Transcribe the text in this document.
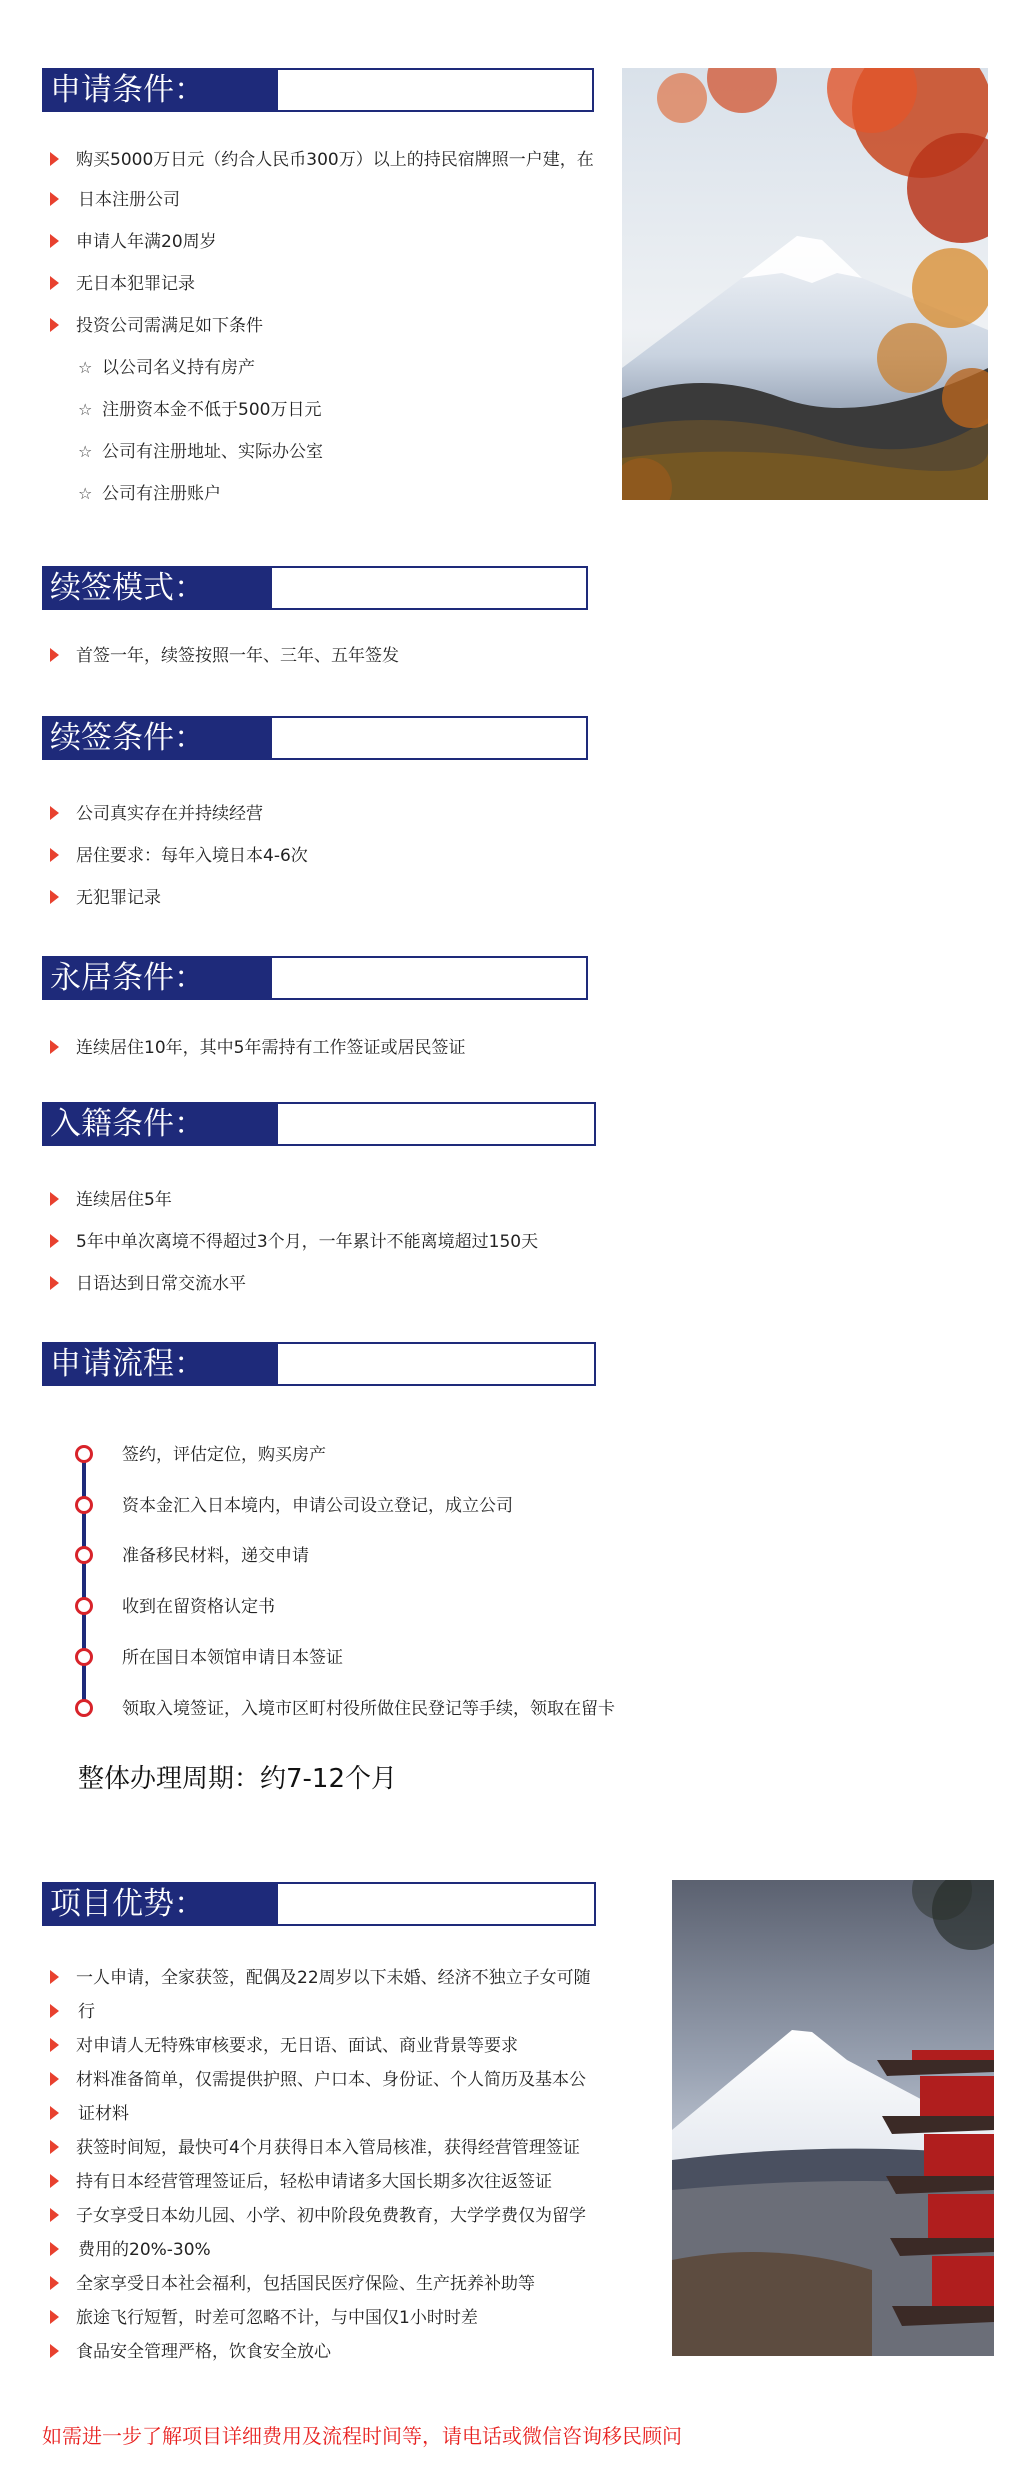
申请条件：
购买5000万日元（约合人民币300万）以上的持民宿牌照一户建，在
日本注册公司
申请人年满20周岁
无日本犯罪记录
投资公司需满足如下条件
☆ 以公司名义持有房产
☆ 注册资本金不低于500万日元
☆ 公司有注册地址、实际办公室
☆ 公司有注册账户
续签模式：
首签一年，续签按照一年、三年、五年签发
续签条件：
公司真实存在并持续经营
居住要求：每年入境日本4-6次
无犯罪记录
永居条件：
连续居住10年，其中5年需持有工作签证或居民签证
入籍条件：
连续居住5年
5年中单次离境不得超过3个月，一年累计不能离境超过150天
日语达到日常交流水平
申请流程：
签约，评估定位，购买房产
资本金汇入日本境内，申请公司设立登记，成立公司
准备移民材料，递交申请
收到在留资格认定书
所在国日本领馆申请日本签证
领取入境签证，入境市区町村役所做住民登记等手续，领取在留卡
整体办理周期：约7-12个月
项目优势：
一人申请，全家获签，配偶及22周岁以下未婚、经济不独立子女可随
行
对申请人无特殊审核要求，无日语、面试、商业背景等要求
材料准备简单，仅需提供护照、户口本、身份证、个人简历及基本公
证材料
获签时间短，最快可4个月获得日本入管局核准，获得经营管理签证
持有日本经营管理签证后，轻松申请诸多大国长期多次往返签证
子女享受日本幼儿园、小学、初中阶段免费教育，大学学费仅为留学
费用的20%-30%
全家享受日本社会福利，包括国民医疗保险、生产抚养补助等
旅途飞行短暂，时差可忽略不计，与中国仅1小时时差
食品安全管理严格，饮食安全放心
如需进一步了解项目详细费用及流程时间等，请电话或微信咨询移民顾问
